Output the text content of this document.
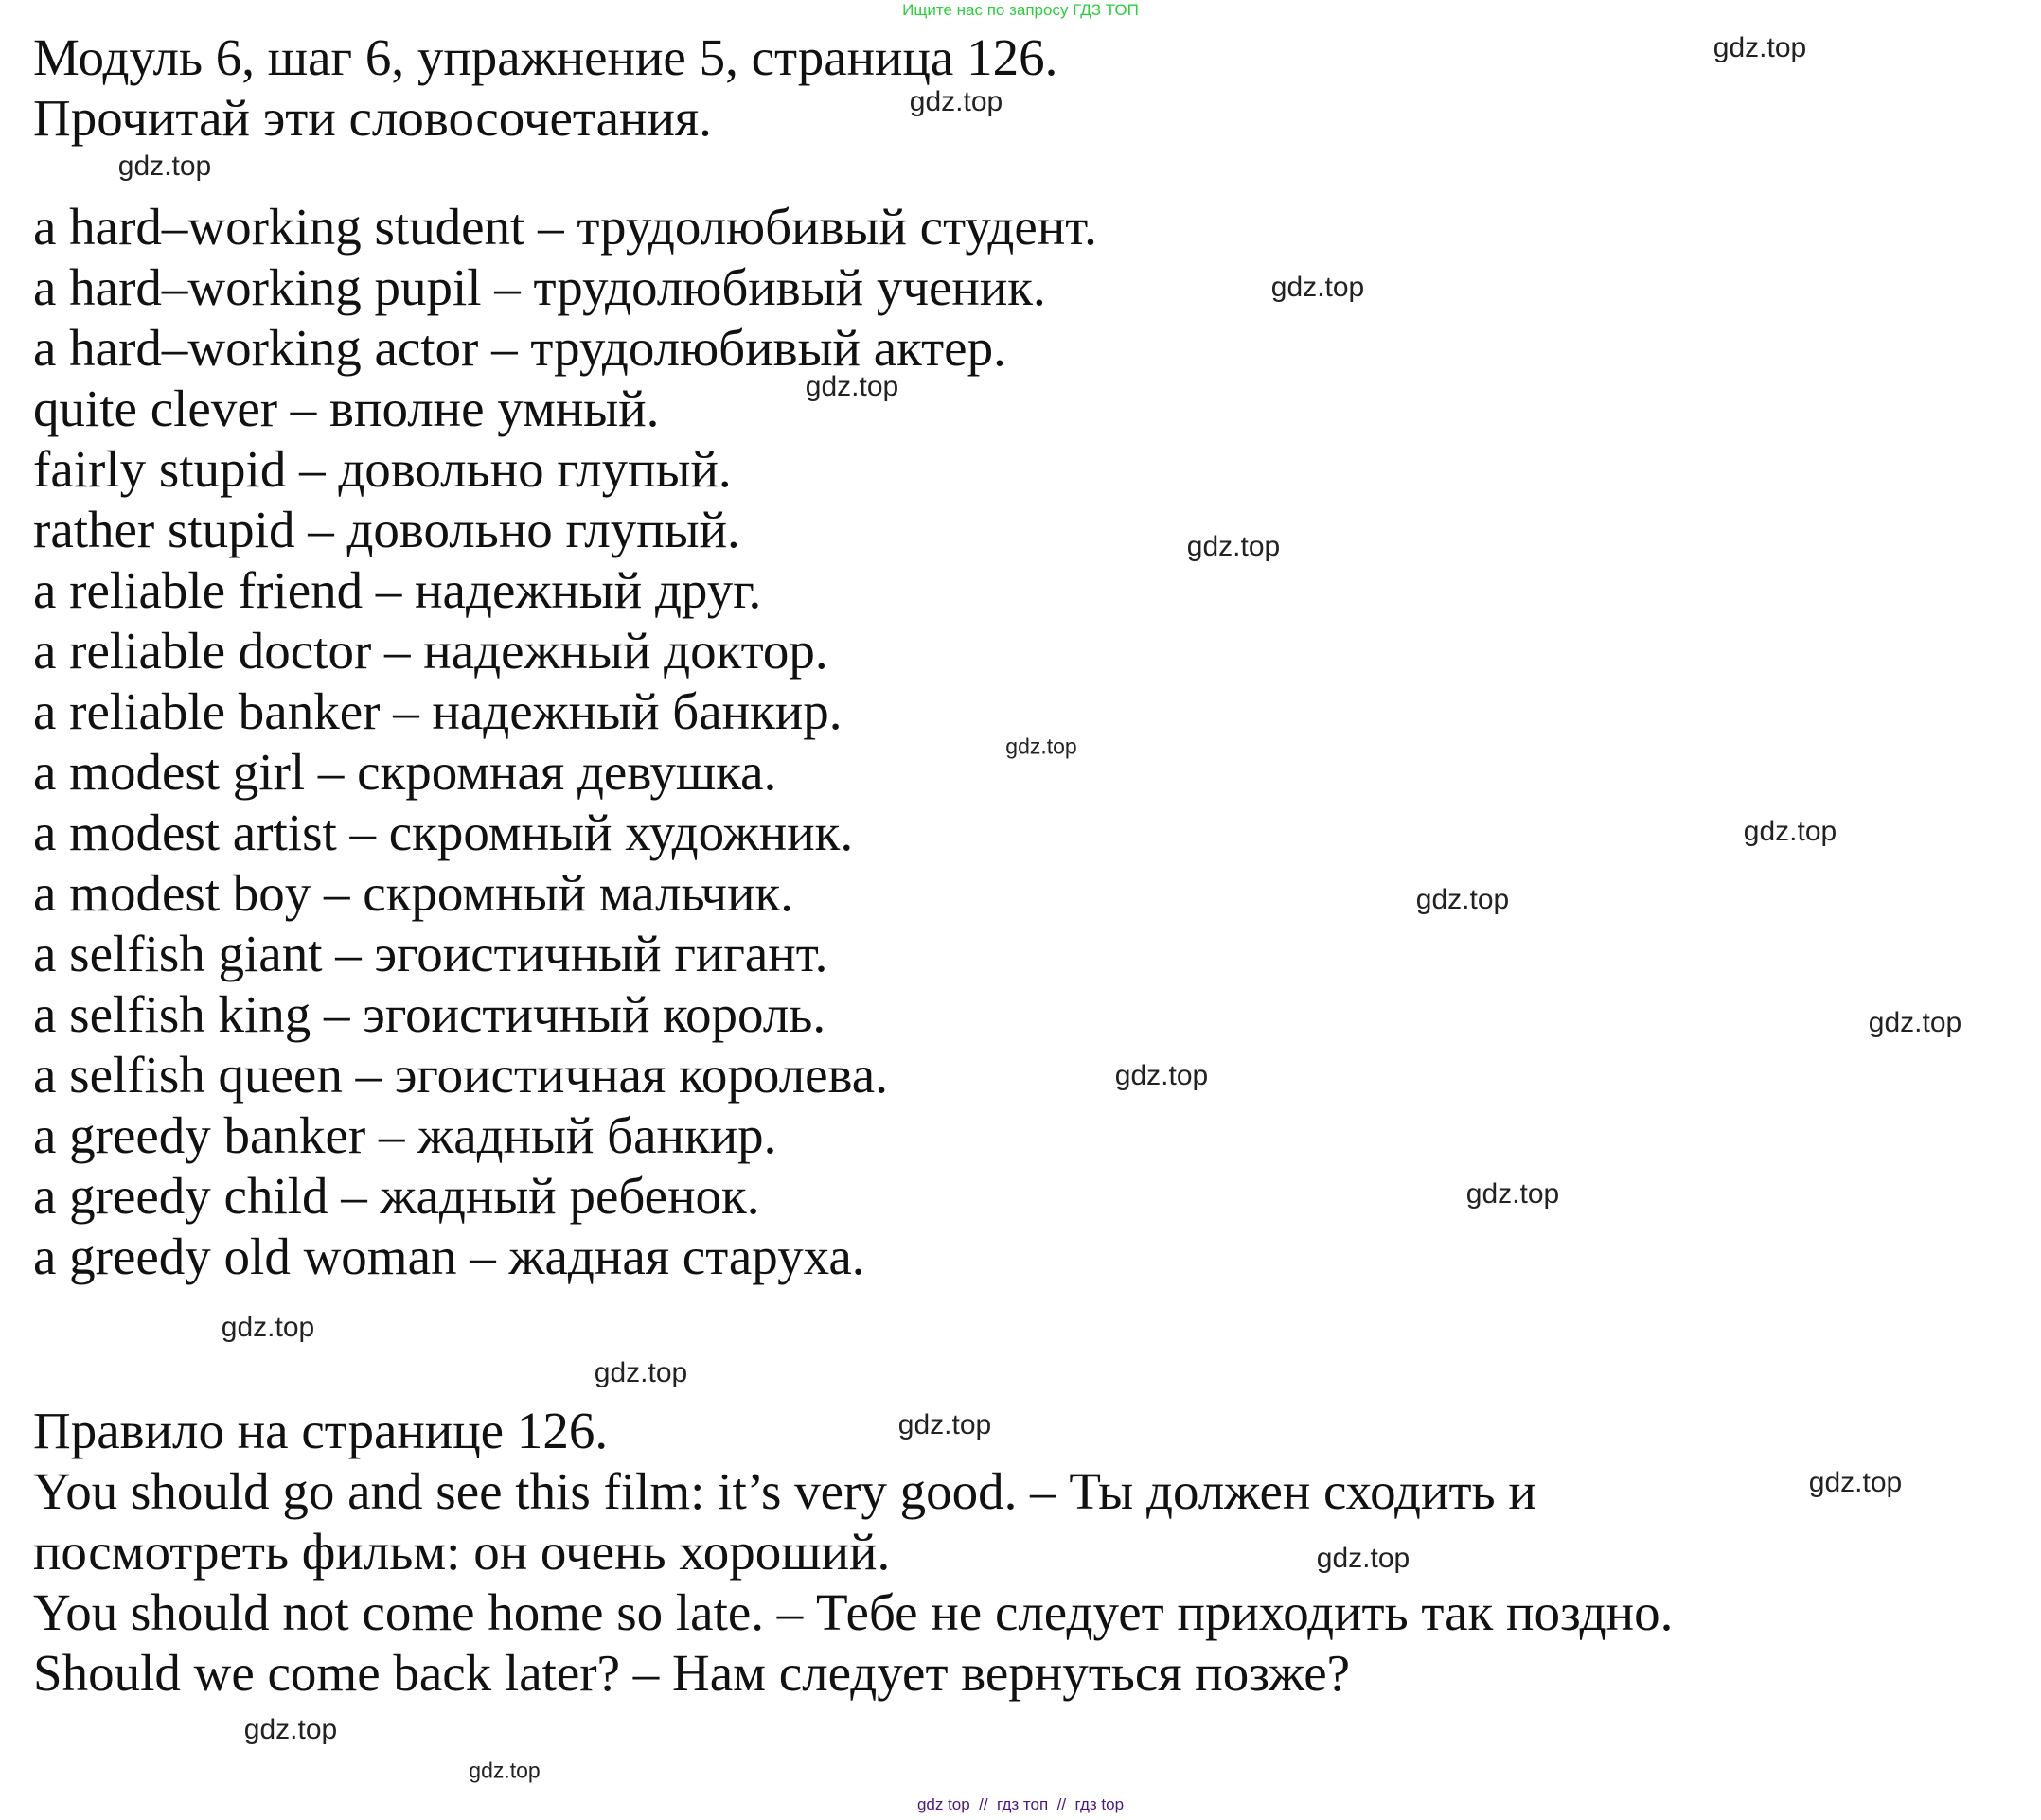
Ищите нас по запросу ГДЗ ТОП
Модуль 6, шаг 6, упражнение 5, страница 126.
Прочитай эти словосочетания.
a hard–working student – трудолюбивый студент.
a hard–working pupil – трудолюбивый ученик.
a hard–working actor – трудолюбивый актер.
quite clever – вполне умный.
fairly stupid – довольно глупый.
rather stupid – довольно глупый.
a reliable friend – надежный друг.
a reliable doctor – надежный доктор.
a reliable banker – надежный банкир.
a modest girl – скромная девушка.
a modest artist – скромный художник.
a modest boy – скромный мальчик.
a selfish giant – эгоистичный гигант.
a selfish king – эгоистичный король.
a selfish queen – эгоистичная королева.
a greedy banker – жадный банкир.
a greedy child – жадный ребенок.
a greedy old woman – жадная старуха.
Правило на странице 126.
You should go and see this film: it’s very good. – Ты должен сходить и
посмотреть фильм: он очень хороший.
You should not come home so late. – Тебе не следует приходить так поздно.
Should we come back later? – Нам следует вернуться позже?
gdz.top
gdz.top
gdz.top
gdz.top
gdz.top
gdz.top
gdz.top
gdz.top
gdz.top
gdz.top
gdz.top
gdz.top
gdz.top
gdz.top
gdz.top
gdz.top
gdz.top
gdz.top
gdz.top
gdz top  //  гдз топ  //  гдз top
